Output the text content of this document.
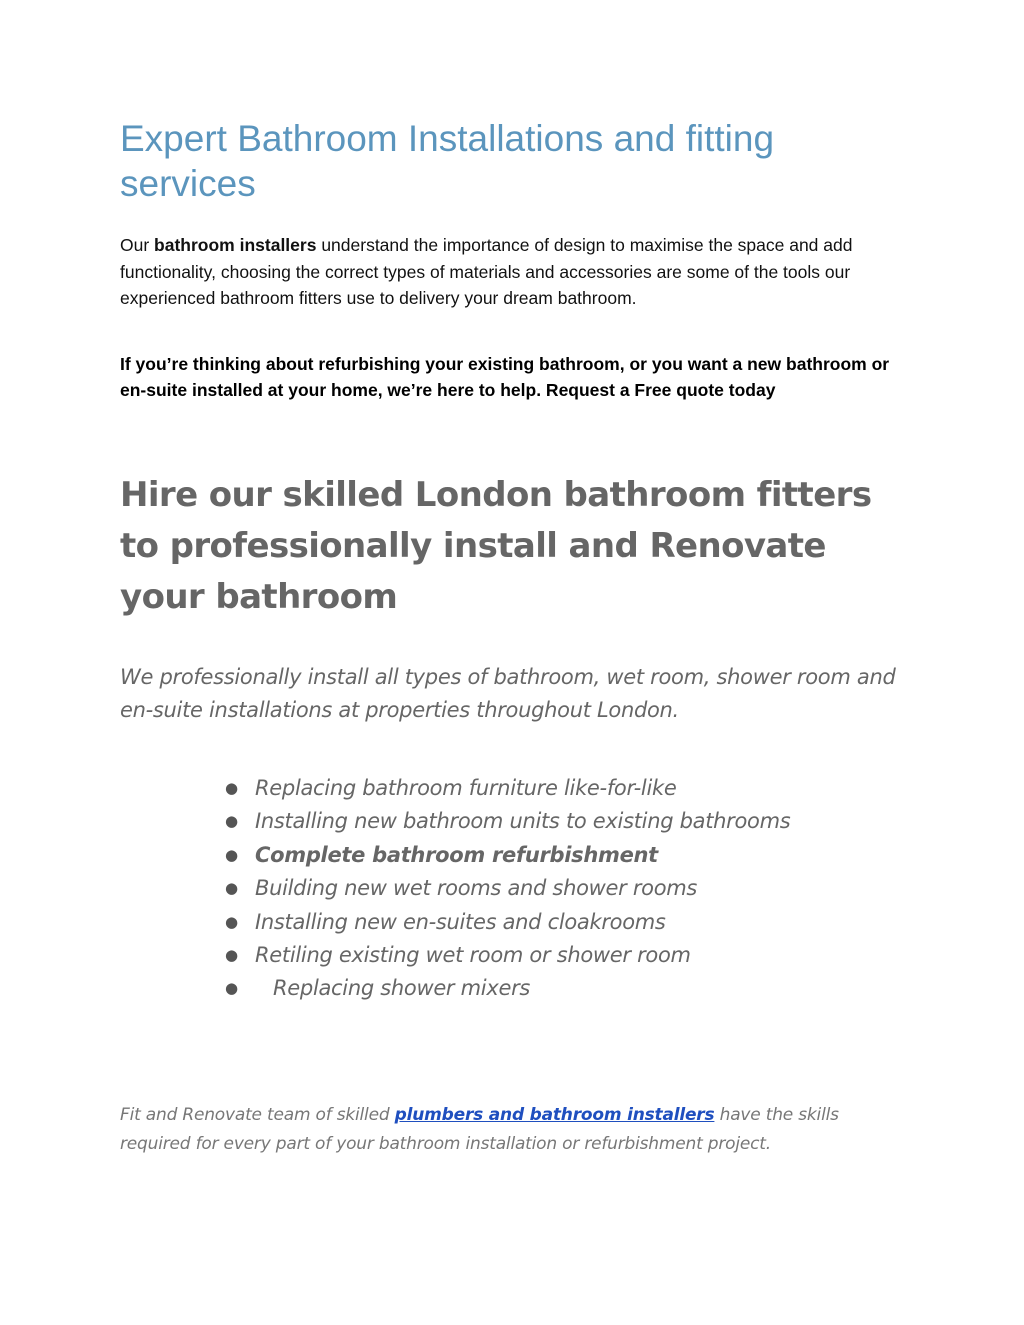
Expert Bathroom Installations and fitting services

Our bathroom installers understand the importance of design to maximise the space and add functionality, choosing the correct types of materials and accessories are some of the tools our experienced bathroom fitters use to delivery your dream bathroom.

If you’re thinking about refurbishing your existing bathroom, or you want a new bathroom or en-suite installed at your home, we’re here to help. Request a Free quote today

Hire our skilled London bathroom fitters to professionally install and Renovate your bathroom

We professionally install all types of bathroom, wet room, shower room and en-suite installations at properties throughout London.

● Replacing bathroom furniture like-for-like
● Installing new bathroom units to existing bathrooms
● Complete bathroom refurbishment
● Building new wet rooms and shower rooms
● Installing new en-suites and cloakrooms
● Retiling existing wet room or shower room
● Replacing shower mixers

Fit and Renovate team of skilled plumbers and bathroom installers have the skills required for every part of your bathroom installation or refurbishment project.
